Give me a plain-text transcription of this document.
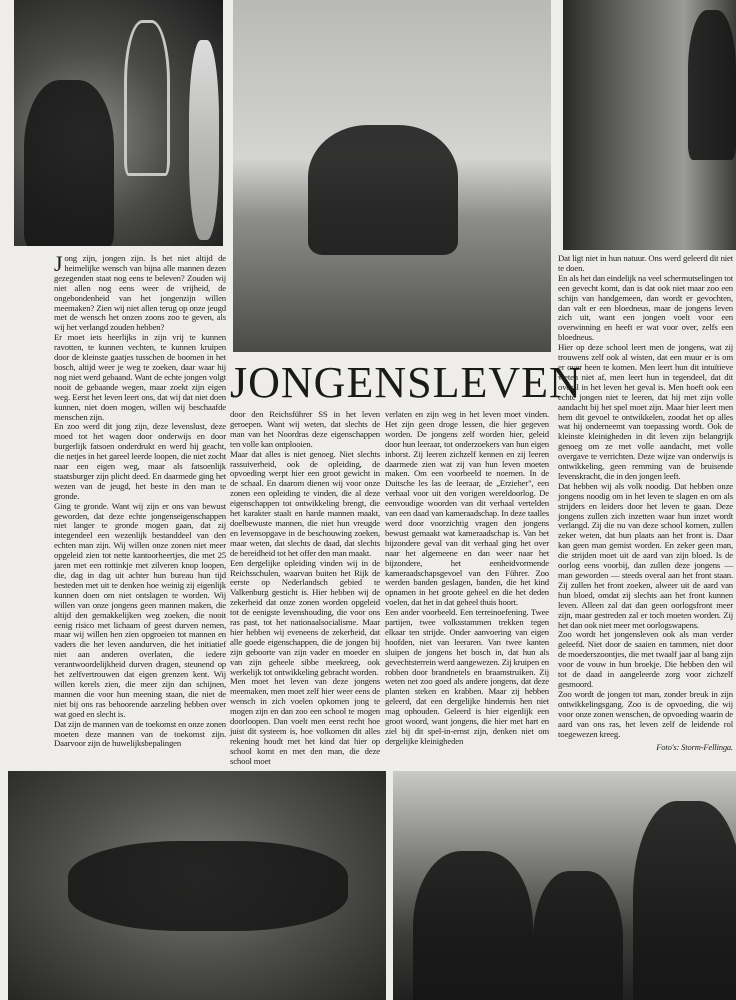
JONGENSLEVEN

Jong zijn, jongen zijn. Is het niet altijd de heimelijke wensch van bijna alle mannen dezen gezegenden staat nog eens te beleven? Zouden wij niet allen nog eens weer de vrijheid, de ongebondenheid van het jongenzijn willen meemaken? Zien wij niet allen terug op onze jeugd met de wensch het onzen zoons zoo te geven, als wij het verlangd zouden hebben?

Er moet iets heerlijks in zijn vrij te kunnen ravotten, te kunnen vechten, te kunnen kruipen door de kleinste gaatjes tusschen de boomen in het bosch, altijd weer je weg te zoeken, daar waar hij nog niet werd gebaand. Want de echte jongen volgt nooit de gebaande wegen, maar zoekt zijn eigen weg. Eerst het leven leert ons, dat wij dat niet doen kunnen, niet doen mogen, willen wij beschaafde menschen zijn.

En zoo werd dit jong zijn, deze levenslust, deze moed tot het wagen door onderwijs en door burgerlijk fatsoen onderdrukt en werd hij geacht, die netjes in het gareel leerde loopen, die niet zocht naar een eigen weg, maar als fatsoenlijk staatsburger zijn plicht deed. En daarmede ging het wezen van de jeugd, het beste in den man te gronde.

Ging te gronde. Want wij zijn er ons van bewust geworden, dat deze echte jongenseigenschappen niet langer te gronde mogen gaan, dat zij integendeel een wezenlijk bestanddeel van den echten man zijn. Wij willen onze zonen niet meer opgeleid zien tot nette kantoorheertjes, die met 25 jaren met een rottinkje met zilveren knop loopen, die, dag in dag uit achter hun bureau hun tijd besteden met uit te denken hoe weinig zij eigenlijk kunnen doen om niet ontslagen te worden. Wij willen van onze jongens geen mannen maken, die altijd den gemakkelijken weg zoeken, die nooit eenig risico met lichaam of geest durven nemen, maar wij willen hen zien opgroeien tot mannen en vaders die het leven aandurven, die het initiatief niet aan anderen overlaten, die iedere verantwoordelijkheid durven dragen, steunend op het zelfvertrouwen dat eigen grenzen kent. Wij willen kerels zien, die meer zijn dan schijnen, mannen die voor hun meening staan, die niet de niet bij ons ras behoorende aarzeling hebben over wat goed en slecht is.

Dat zijn de mannen van de toekomst en onze zonen moeten deze mannen van de toekomst zijn. Daarvoor zijn de huwelijksbepalingen

door den Reichsführer SS in het leven geroepen. Want wij weten, dat slechts de man van het Noordras deze eigenschappen ten volle kan ontplooien.

Maar dat alles is niet genoeg. Niet slechts rassuiverheid, ook de opleiding, de opvoeding werpt hier een groot gewicht in de schaal. En daarom dienen wij voor onze zonen een opleiding te vinden, die al deze eigenschappen tot ontwikkeling brengt, die het karakter staalt en harde mannen maakt, doelbewuste mannen, die niet hun vreugde en levensopgave in de beschouwing zoeken, maar weten, dat slechts de daad, dat slechts de bereidheid tot het offer den man maakt.

Een dergelijke opleiding vinden wij in de Reichsschulen, waarvan buiten het Rijk de eerste op Nederlandsch gebied te Valkenburg gesticht is. Hier hebben wij de zekerheid dat onze zonen worden opgeleid tot de eenigste levenshouding, die voor ons ras past, tot het nationaalsocialisme. Maar hier hebben wij eveneens de zekerheid, dat alle goede eigenschappen, die de jongen bij zijn geboorte van zijn vader en moeder en van zijn geheele sibbe meekreeg, ook werkelijk tot ontwikkeling gebracht worden.

Men moet het leven van deze jongens meemaken, men moet zelf hier weer eens de wensch in zich voelen opkomen jong te mogen zijn en dan zoo een school te mogen doorloopen. Dan voelt men eerst recht hoe juist dit systeem is, hoe volkomen dit alles rekening houdt met het kind dat hier op school komt en met den man, die deze school moet

verlaten en zijn weg in het leven moet vinden. Het zijn geen droge lessen, die hier gegeven worden. De jongens zelf worden hier, geleid door hun leeraar, tot onderzoekers van hun eigen inborst. Zij leeren zichzelf kennen en zij leeren daarmede zien wat zij van hun leven moeten maken. Om een voorbeeld te noemen. In de Duitsche les las de leeraar, de „Erzieher", een verhaal voor uit den vorigen wereldoorlog. De eenvoudige woorden van dit verhaal vertelden van een daad van kameraadschap. In deze taalles werd door voorzichtig vragen den jongens bewust gemaakt wat kameraadschap is. Van het bijzondere geval van dit verhaal ging het over naar het algemeene en dan weer naar het bijzondere, het eenheidvormende kameraadschapsgevoel van den Führer. Zoo werden banden geslagen, banden, die het kind opnamen in het groote geheel en die het deden voelen, dat het in dat geheel thuis hoort.

Een ander voorbeeld. Een terreinoefening. Twee partijen, twee volksstammen trekken tegen elkaar ten strijde. Onder aanvoering van eigen hoofden, niet van leeraren. Van twee kanten sluipen de jongens het bosch in, dat hun als gevechtsterrein werd aangewezen. Zij kruipen en robben door brandnetels en braamstruiken. Zij weten net zoo goed als andere jongens, dat deze planten steken en krabben. Maar zij hebben geleerd, dat een dergelijke hindernis hen niet mag ophouden. Geleerd is hier eigenlijk een groot woord, want jongens, die hier met hart en ziel bij dit spel-in-ernst zijn, denken niet om dergelijke kleinigheden

Dat ligt niet in hun natuur. Ons werd geleerd dit niet te doen.

En als het dan eindelijk na veel schermutselingen tot een gevecht komt, dan is dat ook niet maar zoo een schijn van handgemeen, dan wordt er gevochten, dan valt er een bloedneus, maar de jongens leven zich uit, want een jongen voelt voor een overwinning en heeft er wat voor over, zelfs een bloedneus.

Hier op deze school leert men de jongens, wat zij trouwens zelf ook al wisten, dat een muur er is om er over heen te komen. Men leert hun dit intuïtieve weten niet af, men leert hun in tegendeel, dat dit overal in het leven het geval is. Men hoeft ook een echte jongen niet te leeren, dat hij met zijn volle aandacht bij het spel moet zijn. Maar hier leert men hem dit gevoel te ontwikkelen, zoodat het op alles wat hij onderneemt van toepassing wordt. Ook de kleinste kleinigheden in dit leven zijn belangrijk genoeg om ze met volle aandacht, met volle overgave te verrichten. Deze wijze van onderwijs is ontwikkeling, geen remming van de bruisende levenskracht, die in den jongen leeft.

Dat hebben wij als volk noodig. Dat hebben onze jongens noodig om in het leven te slagen en om als strijders en leiders door het leven te gaan. Deze jongens zullen zich inzetten waar hun inzet wordt verlangd. Zij die nu van deze school komen, zullen zeker weten, dat hun plaats aan het front is. Daar kan geen man gemist worden. En zeker geen man, die strijden moet uit de aard van zijn bloed. Is de oorlog eens voorbij, dan zullen deze jongens — man geworden — steeds overal aan het front staan. Zij zullen het front zoeken, alweer uit de aard van hun bloed, omdat zij slechts aan het front kunnen leven. Alleen zal dat dan geen oorlogsfront meer zijn, maar gestreden zal er toch moeten worden. Zij het dan ook niet meer met oorlogswapens.

Zoo wordt het jongensleven ook als man verder geleefd. Niet door de saaien en tammen, niet door de moederszoontjes, die met twaalf jaar al bang zijn voor de vouw in hun broekje. Die hebben den wil tot de daad in aangeleerde zorg voor zichzelf gesmoord.

Zoo wordt de jongen tot man, zonder breuk in zijn ontwikkelingsgang. Zoo is de opvoeding, die wij voor onze zonen wenschen, de opvoeding waarin de aard van ons ras, het leven zelf de leidende rol toegewezen kreeg.

Foto's: Storm-Fellinga.
